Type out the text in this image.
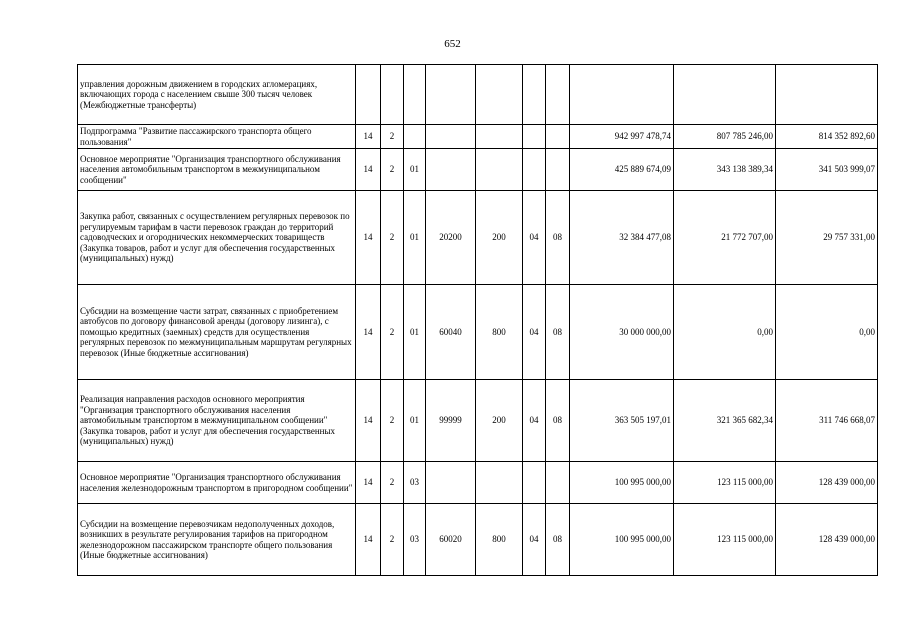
652
управления дорожным движением в городских агломерациях, включающих города с населением свыше 300 тысяч человек (Межбюджетные трансферты)										
Подпрограмма "Развитие пассажирского транспорта общего пользования"	14	2						942 997 478,74	807 785 246,00	814 352 892,60
Основное мероприятие "Организация транспортного обслуживания населения автомобильным транспортом в межмуниципальном сообщении"	14	2	01					425 889 674,09	343 138 389,34	341 503 999,07
Закупка работ, связанных с осуществлением регулярных перевозок по регулируемым тарифам в части перевозок граждан до территорий садоводческих и огороднических некоммерческих товариществ (Закупка товаров, работ и услуг для обеспечения государственных (муниципальных) нужд)	14	2	01	20200	200	04	08	32 384 477,08	21 772 707,00	29 757 331,00
Субсидии на возмещение части затрат, связанных с приобретением автобусов по договору финансовой аренды (договору лизинга), с помощью кредитных (заемных) средств для осуществления регулярных перевозок по межмуниципальным маршрутам регулярных перевозок (Иные бюджетные ассигнования)	14	2	01	60040	800	04	08	30 000 000,00	0,00	0,00
Реализация направления расходов основного мероприятия "Организация транспортного обслуживания населения автомобильным транспортом в межмуниципальном сообщении" (Закупка товаров, работ и услуг для обеспечения государственных (муниципальных) нужд)	14	2	01	99999	200	04	08	363 505 197,01	321 365 682,34	311 746 668,07
Основное мероприятие "Организация транспортного обслуживания населения железнодорожным транспортом в пригородном сообщении"	14	2	03					100 995 000,00	123 115 000,00	128 439 000,00
Субсидии на возмещение перевозчикам недополученных доходов, возникших в результате регулирования тарифов на пригородном железнодорожном пассажирском транспорте общего пользования (Иные бюджетные ассигнования)	14	2	03	60020	800	04	08	100 995 000,00	123 115 000,00	128 439 000,00
